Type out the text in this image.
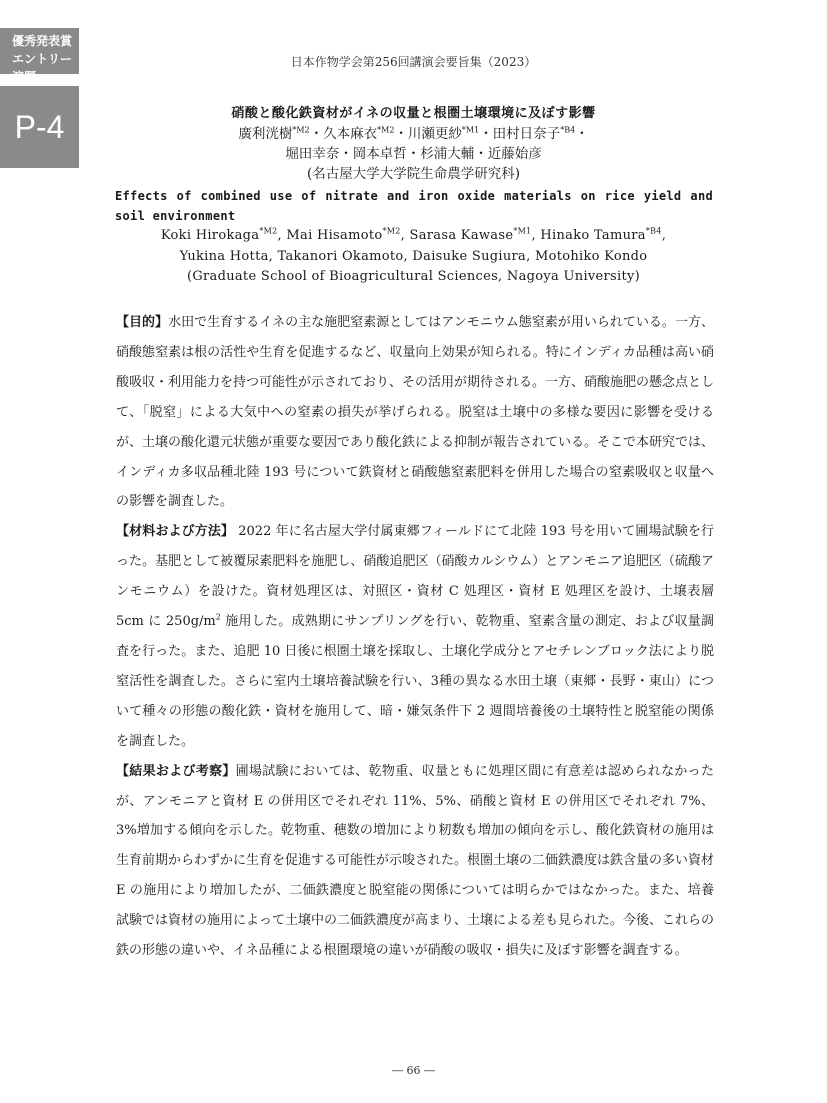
優秀発表賞
エントリー演題
P-4
日本作物学会第256回講演会要旨集（2023）
硝酸と酸化鉄資材がイネの収量と根圏土壌環境に及ぼす影響
廣利洸樹$^{*M2}$・久本麻衣$^{*M2}$・川瀬更紗$^{*M1}$・田村日奈子$^{*B4}$・
堀田幸奈・岡本卓哲・杉浦大輔・近藤始彦
(名古屋大学大学院生命農学研究科)
Effects of combined use of nitrate and iron oxide materials on rice yield and soil environment
Koki Hirokaga$^{*M2}$, Mai Hisamoto$^{*M2}$, Sarasa Kawase$^{*M1}$, Hinako Tamura$^{*B4}$,
Yukina Hotta, Takanori Okamoto, Daisuke Sugiura, Motohiko Kondo
(Graduate School of Bioagricultural Sciences, Nagoya University)

【目的】水田で生育するイネの主な施肥窒素源としてはアンモニウム態窒素が用いられている。一方、硝酸態窒素は根の活性や生育を促進するなど、収量向上効果が知られる。特にインディカ品種は高い硝酸吸収・利用能力を持つ可能性が示されており、その活用が期待される。一方、硝酸施肥の懸念点として、「脱窒」による大気中への窒素の損失が挙げられる。脱窒は土壌中の多様な要因に影響を受けるが、土壌の酸化還元状態が重要な要因であり酸化鉄による抑制が報告されている。そこで本研究では、インディカ多収品種北陸 193 号について鉄資材と硝酸態窒素肥料を併用した場合の窒素吸収と収量への影響を調査した。

【材料および方法】 2022 年に名古屋大学付属東郷フィールドにて北陸 193 号を用いて圃場試験を行った。基肥として被覆尿素肥料を施肥し、硝酸追肥区（硝酸カルシウム）とアンモニア追肥区（硫酸アンモニウム）を設けた。資材処理区は、対照区・資材 C 処理区・資材 E 処理区を設け、土壌表層 5cm に $250g/m^2$ 施用した。成熟期にサンプリングを行い、乾物重、窒素含量の測定、および収量調査を行った。また、追肥 10 日後に根圏土壌を採取し、土壌化学成分とアセチレンブロック法により脱窒活性を調査した。さらに室内土壌培養試験を行い、3種の異なる水田土壌（東郷・長野・東山）について種々の形態の酸化鉄・資材を施用して、暗・嫌気条件下 2 週間培養後の土壌特性と脱窒能の関係を調査した。

【結果および考察】圃場試験においては、乾物重、収量ともに処理区間に有意差は認められなかったが、アンモニアと資材 E の併用区でそれぞれ 11%、5%、硝酸と資材 E の併用区でそれぞれ 7%、3%増加する傾向を示した。乾物重、穂数の増加により籾数も増加の傾向を示し、酸化鉄資材の施用は生育前期からわずかに生育を促進する可能性が示唆された。根圏土壌の二価鉄濃度は鉄含量の多い資材 E の施用により増加したが、二価鉄濃度と脱窒能の関係については明らかではなかった。また、培養試験では資材の施用によって土壌中の二価鉄濃度が高まり、土壌による差も見られた。今後、これらの鉄の形態の違いや、イネ品種による根圏環境の違いが硝酸の吸収・損失に及ぼす影響を調査する。

― 66 ―
